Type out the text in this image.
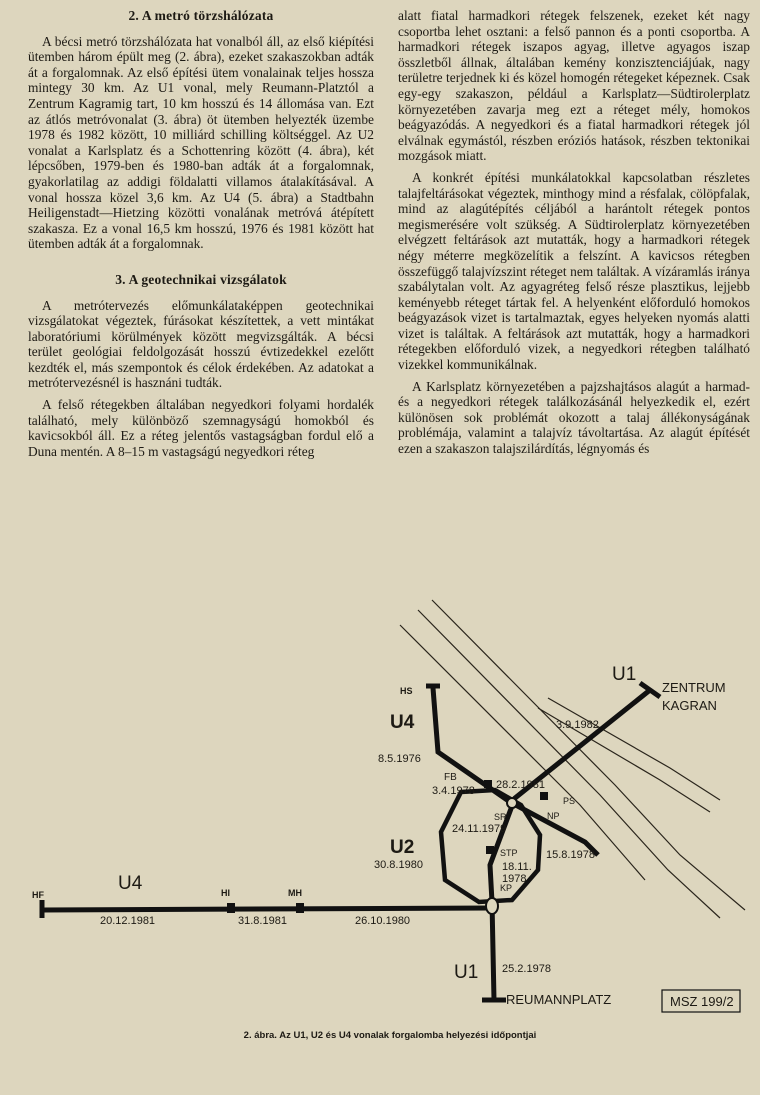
2. A metró törzshálózata

A bécsi metró törzshálózata hat vonalból áll, az első kiépítési ütemben három épült meg (2. ábra), ezeket szakaszokban adták át a forgalomnak. Az első építési ütem vonalainak teljes hossza mintegy 30 km. Az U1 vonal, mely Reumann-Platztól a Zentrum Kagramig tart, 10 km hosszú és 14 állomása van. Ezt az átlós metróvonalat (3. ábra) öt ütemben helyezték üzembe 1978 és 1982 között, 10 milliárd schilling költséggel. Az U2 vonalat a Karlsplatz és a Schottenring között (4. ábra), két lépcsőben, 1979-ben és 1980-ban adták át a forgalomnak, gyakorlatilag az addigi földalatti villamos átalakításával. A vonal hossza közel 3,6 km. Az U4 (5. ábra) a Stadtbahn Heiligenstadt—Hietzing közötti vonalának metróvá átépített szakasza. Ez a vonal 16,5 km hosszú, 1976 és 1981 között hat ütemben adták át a forgalomnak.

3. A geotechnikai vizsgálatok

A metrótervezés előmunkálataképpen geotechnikai vizsgálatokat végeztek, fúrásokat készítettek, a vett mintákat laboratóriumi körülmények között megvizsgálták. A bécsi terület geológiai feldolgozását hosszú évtizedekkel ezelőtt kezdték el, más szempontok és célok érdekében. Az adatokat a metrótervezésnél is hasznáni tudták.

A felső rétegekben általában negyedkori folyami hordalék található, mely különböző szemnagyságú homokból és kavicsokból áll. Ez a réteg jelentős vastagságban fordul elő a Duna mentén. A 8–15 m vastagságú negyedkori réteg

alatt fiatal harmadkori rétegek felszenek, ezeket két nagy csoportba lehet osztani: a felső pannon és a ponti csoportba. A harmadkori rétegek iszapos agyag, illetve agyagos iszap összletből állnak, általában kemény konzisztenciájúak, nagy területre terjednek ki és közel homogén rétegeket képeznek. Csak egy-egy szakaszon, például a Karlsplatz—Südtirolerplatz környezetében zavarja meg ezt a réteget mély, homokos beágyazódás. A negyedkori és a fiatal harmadkori rétegek jól elválnak egymástól, részben eróziós hatások, részben tektonikai mozgások miatt.

A konkrét építési munkálatokkal kapcsolatban részletes talajfeltárásokat végeztek, minthogy mind a résfalak, cölöpfalak, mind az alagútépítés céljából a harántolt rétegek pontos megismerésére volt szükség. A Südtirolerplatz környezetében elvégzett feltárások azt mutatták, hogy a harmadkori rétegek négy méterre megközelítik a felszínt. A kavicsos rétegben összefüggő talajvízszint réteget nem találtak. A vízáramlás iránya szabálytalan volt. Az agyagréteg felső része plasztikus, lejjebb keményebb réteget tártak fel. A helyenként előforduló homokos beágyazások vizet is tartalmaztak, egyes helyeken nyomás alatti vizet is találtak. A feltárások azt mutatták, hogy a harmadkori rétegekben előforduló vizek, a negyedkori rétegben található vizekkel kommunikálnak.

A Karlsplatz környezetében a pajzshajtásos alagút a harmad- és a negyedkori rétegek találkozásánál helyezkedik el, ezért különösen sok problémát okozott a talaj állékonyságának problémája, valamint a talajvíz távoltartása. Az alagút építését ezen a szakaszon talajszilárdítás, légnyomás és

U1
U4
U2
U4
U1
ZENTRUM
KAGRAN
REUMANNPLATZ
HS
FB
SR
PS
NP
STP
KP
HF	HI	MH
3.9.1982
8.5.1976
3.4.1978 28.2.1981
24.11.1979
30.8.1980
15.8.1978
18.11.
1978
20.12.1981	31.8.1981	26.10.1980
25.2.1978
MSZ 199/2
2. ábra. Az U1, U2 és U4 vonalak forgalomba helyezési időpontjai
